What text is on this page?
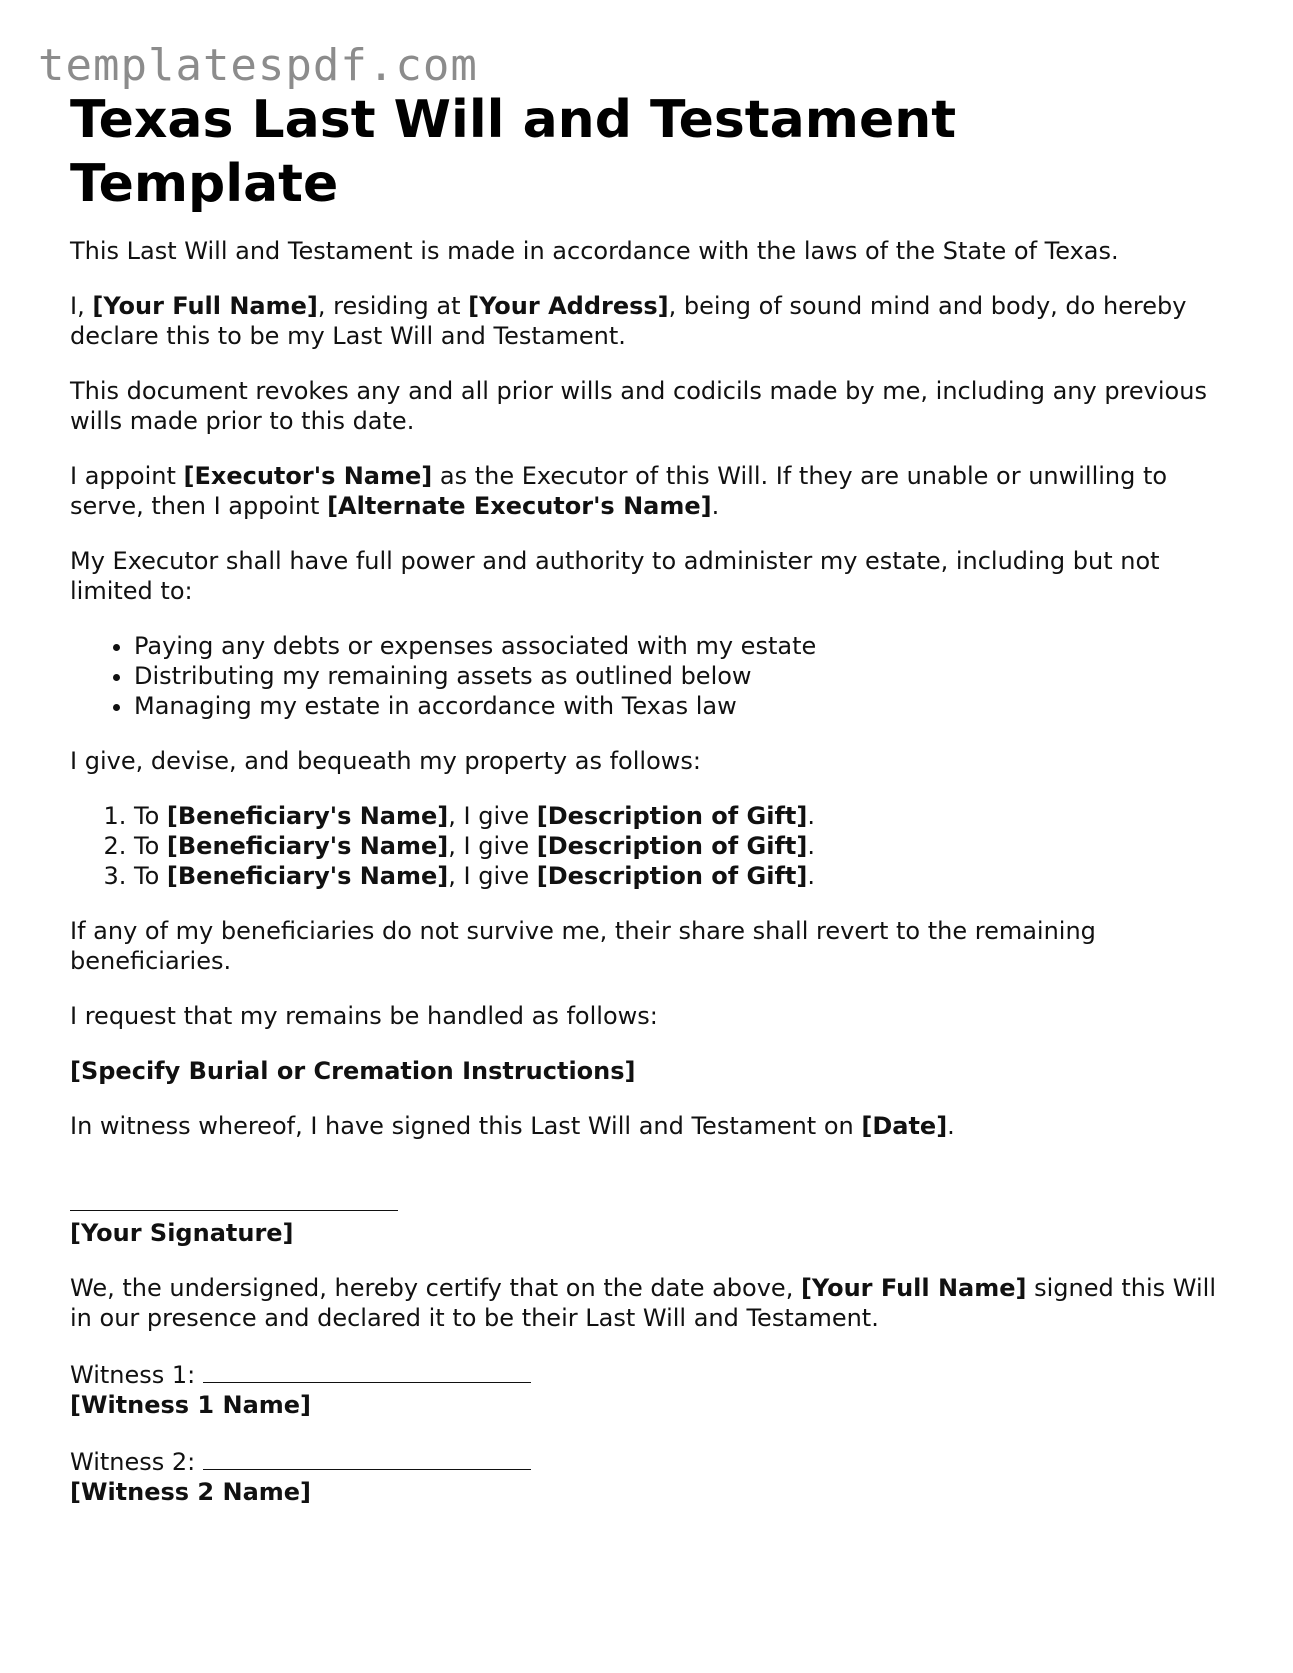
templatespdf.com
Texas Last Will and Testament Template

This Last Will and Testament is made in accordance with the laws of the State of Texas.

I, [Your Full Name], residing at [Your Address], being of sound mind and body, do hereby declare this to be my Last Will and Testament.

This document revokes any and all prior wills and codicils made by me, including any previous wills made prior to this date.

I appoint [Executor's Name] as the Executor of this Will. If they are unable or unwilling to serve, then I appoint [Alternate Executor's Name].

My Executor shall have full power and authority to administer my estate, including but not limited to:

• Paying any debts or expenses associated with my estate
• Distributing my remaining assets as outlined below
• Managing my estate in accordance with Texas law

I give, devise, and bequeath my property as follows:

1. To [Beneficiary's Name], I give [Description of Gift].
2. To [Beneficiary's Name], I give [Description of Gift].
3. To [Beneficiary's Name], I give [Description of Gift].

If any of my beneficiaries do not survive me, their share shall revert to the remaining beneficiaries.

I request that my remains be handled as follows:

[Specify Burial or Cremation Instructions]

In witness whereof, I have signed this Last Will and Testament on [Date].

[Your Signature]

We, the undersigned, hereby certify that on the date above, [Your Full Name] signed this Will in our presence and declared it to be their Last Will and Testament.

Witness 1:
[Witness 1 Name]
Witness 2:
[Witness 2 Name]
